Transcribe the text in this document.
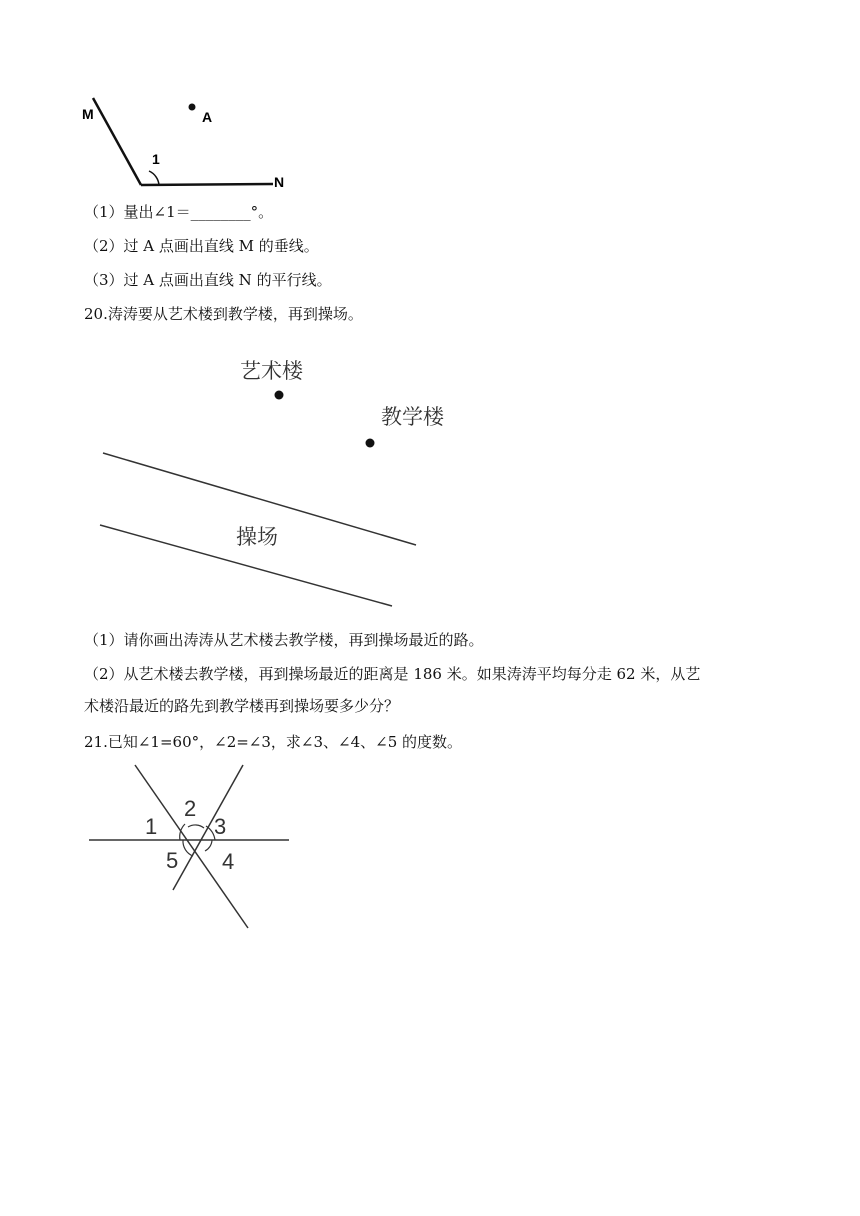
M	A
1
N
（1）量出∠1＝________°。
（2）过 A 点画出直线 M 的垂线。
（3）过 A 点画出直线 N 的平行线。
20.涛涛要从艺术楼到教学楼，再到操场。
艺术楼
教学楼
操场
（1）请你画出涛涛从艺术楼去教学楼，再到操场最近的路。
（2）从艺术楼去教学楼，再到操场最近的距离是 186 米。如果涛涛平均每分走 62 米，从艺
术楼沿最近的路先到教学楼再到操场要多少分？
21.已知∠1=60°，∠2=∠3，求∠3、∠4、∠5 的度数。
1
2
3
4
5
